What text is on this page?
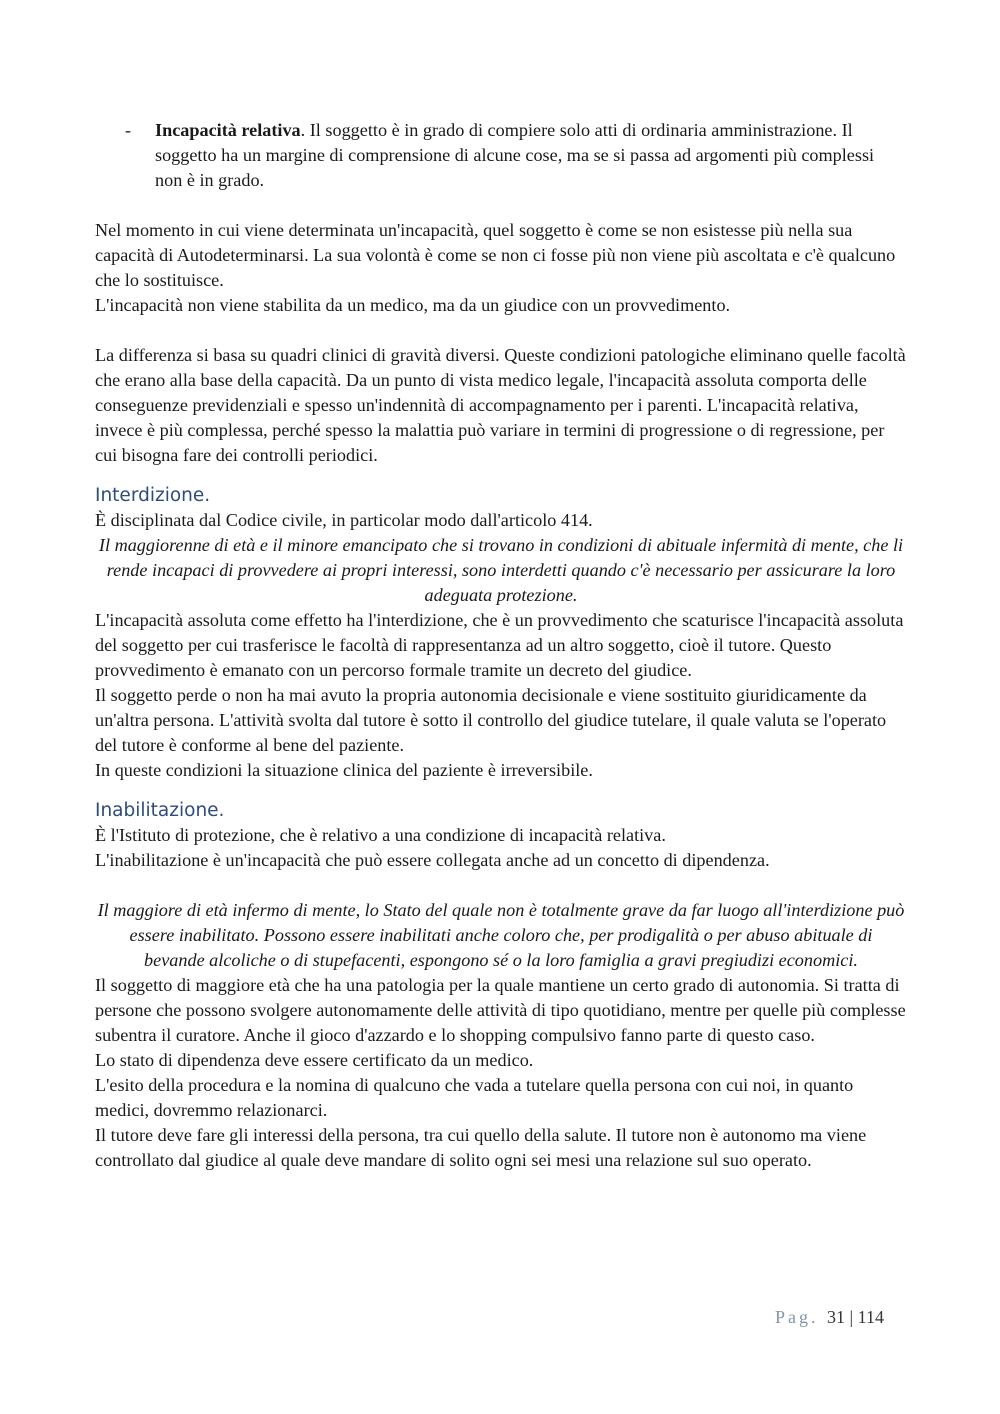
-	Incapacità relativa. Il soggetto è in grado di compiere solo atti di ordinaria amministrazione. Il soggetto ha un margine di comprensione di alcune cose, ma se si passa ad argomenti più complessi non è in grado.

Nel momento in cui viene determinata un'incapacità, quel soggetto è come se non esistesse più nella sua capacità di Autodeterminarsi. La sua volontà è come se non ci fosse più non viene più ascoltata e c'è qualcuno che lo sostituisce.

L'incapacità non viene stabilita da un medico, ma da un giudice con un provvedimento.

La differenza si basa su quadri clinici di gravità diversi. Queste condizioni patologiche eliminano quelle facoltà che erano alla base della capacità. Da un punto di vista medico legale, l'incapacità assoluta comporta delle conseguenze previdenziali e spesso un'indennità di accompagnamento per i parenti. L'incapacità relativa, invece è più complessa, perché spesso la malattia può variare in termini di progressione o di regressione, per cui bisogna fare dei controlli periodici.

Interdizione.

È disciplinata dal Codice civile, in particolar modo dall'articolo 414.

Il maggiorenne di età e il minore emancipato che si trovano in condizioni di abituale infermità di mente, che li rende incapaci di provvedere ai propri interessi, sono interdetti quando c'è necessario per assicurare la loro adeguata protezione.

L'incapacità assoluta come effetto ha l'interdizione, che è un provvedimento che scaturisce l'incapacità assoluta del soggetto per cui trasferisce le facoltà di rappresentanza ad un altro soggetto, cioè il tutore. Questo provvedimento è emanato con un percorso formale tramite un decreto del giudice.

Il soggetto perde o non ha mai avuto la propria autonomia decisionale e viene sostituito giuridicamente da un'altra persona. L'attività svolta dal tutore è sotto il controllo del giudice tutelare, il quale valuta se l'operato del tutore è conforme al bene del paziente.

In queste condizioni la situazione clinica del paziente è irreversibile.

Inabilitazione.

È l'Istituto di protezione, che è relativo a una condizione di incapacità relativa.

L'inabilitazione è un'incapacità che può essere collegata anche ad un concetto di dipendenza.

Il maggiore di età infermo di mente, lo Stato del quale non è totalmente grave da far luogo all'interdizione può essere inabilitato. Possono essere inabilitati anche coloro che, per prodigalità o per abuso abituale di bevande alcoliche o di stupefacenti, espongono sé o la loro famiglia a gravi pregiudizi economici.

Il soggetto di maggiore età che ha una patologia per la quale mantiene un certo grado di autonomia. Si tratta di persone che possono svolgere autonomamente delle attività di tipo quotidiano, mentre per quelle più complesse subentra il curatore. Anche il gioco d'azzardo e lo shopping compulsivo fanno parte di questo caso.

Lo stato di dipendenza deve essere certificato da un medico.

L'esito della procedura e la nomina di qualcuno che vada a tutelare quella persona con cui noi, in quanto medici, dovremmo relazionarci.

Il tutore deve fare gli interessi della persona, tra cui quello della salute. Il tutore non è autonomo ma viene controllato dal giudice al quale deve mandare di solito ogni sei mesi una relazione sul suo operato.

Pag. 31 | 114
